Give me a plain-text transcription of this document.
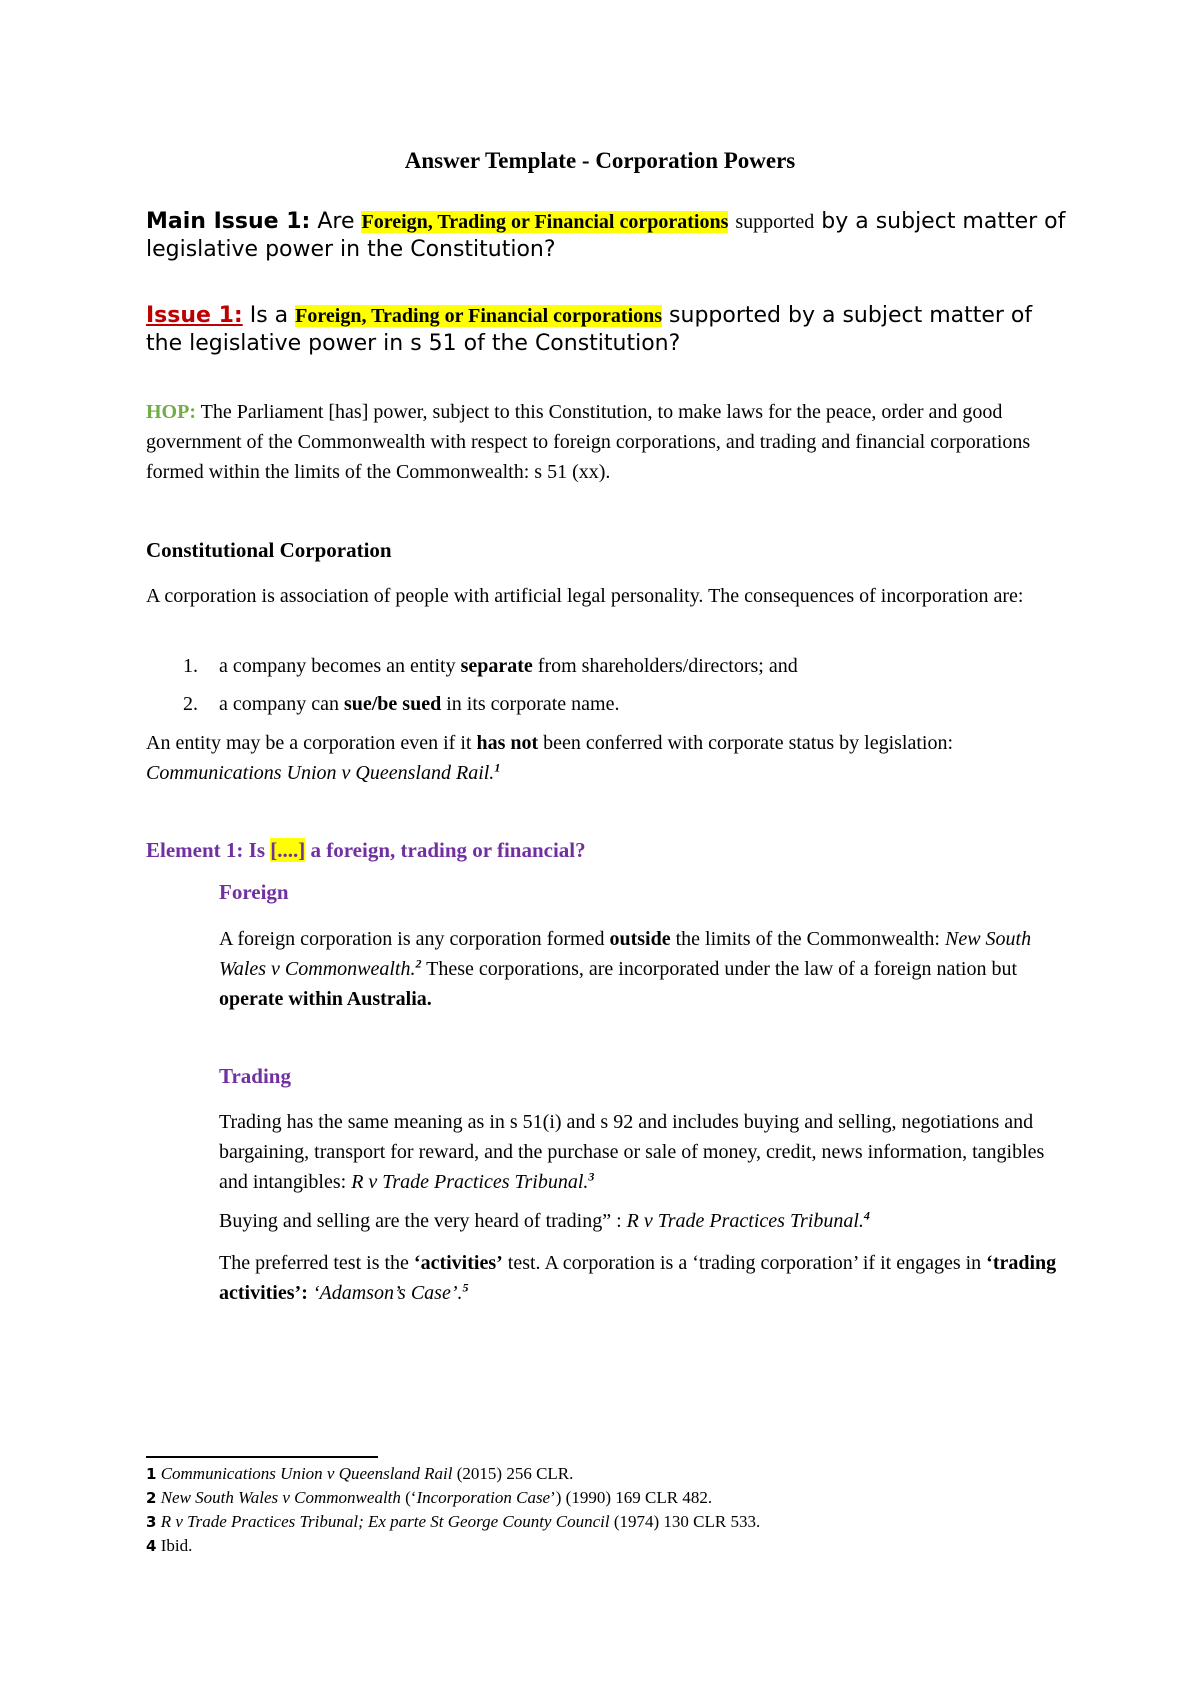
Answer Template - Corporation Powers
Main Issue 1: Are Foreign, Trading or Financial corporations supported by a subject matter of legislative power in the Constitution?
Issue 1: Is a Foreign, Trading or Financial corporations supported by a subject matter of the legislative power in s 51 of the Constitution?
HOP: The Parliament [has] power, subject to this Constitution, to make laws for the peace, order and good government of the Commonwealth with respect to foreign corporations, and trading and financial corporations formed within the limits of the Commonwealth: s 51 (xx).
Constitutional Corporation
A corporation is association of people with artificial legal personality. The consequences of incorporation are:
1. a company becomes an entity separate from shareholders/directors; and
2. a company can sue/be sued in its corporate name.
An entity may be a corporation even if it has not been conferred with corporate status by legislation: Communications Union v Queensland Rail.$^1$
Element 1: Is [....] a foreign, trading or financial?
Foreign
A foreign corporation is any corporation formed outside the limits of the Commonwealth: New South Wales v Commonwealth.$^2$ These corporations, are incorporated under the law of a foreign nation but operate within Australia.
Trading
Trading has the same meaning as in s 51(i) and s 92 and includes buying and selling, negotiations and bargaining, transport for reward, and the purchase or sale of money, credit, news information, tangibles and intangibles: R v Trade Practices Tribunal.$^3$
Buying and selling are the very heard of trading” : R v Trade Practices Tribunal.$^4$
The preferred test is the ‘activities’ test. A corporation is a ‘trading corporation’ if it engages in ‘trading activities’: ‘Adamson’s Case’.$^5$
1 Communications Union v Queensland Rail (2015) 256 CLR.
2 New South Wales v Commonwealth (‘Incorporation Case’) (1990) 169 CLR 482.
3 R v Trade Practices Tribunal; Ex parte St George County Council (1974) 130 CLR 533.
4 Ibid.
